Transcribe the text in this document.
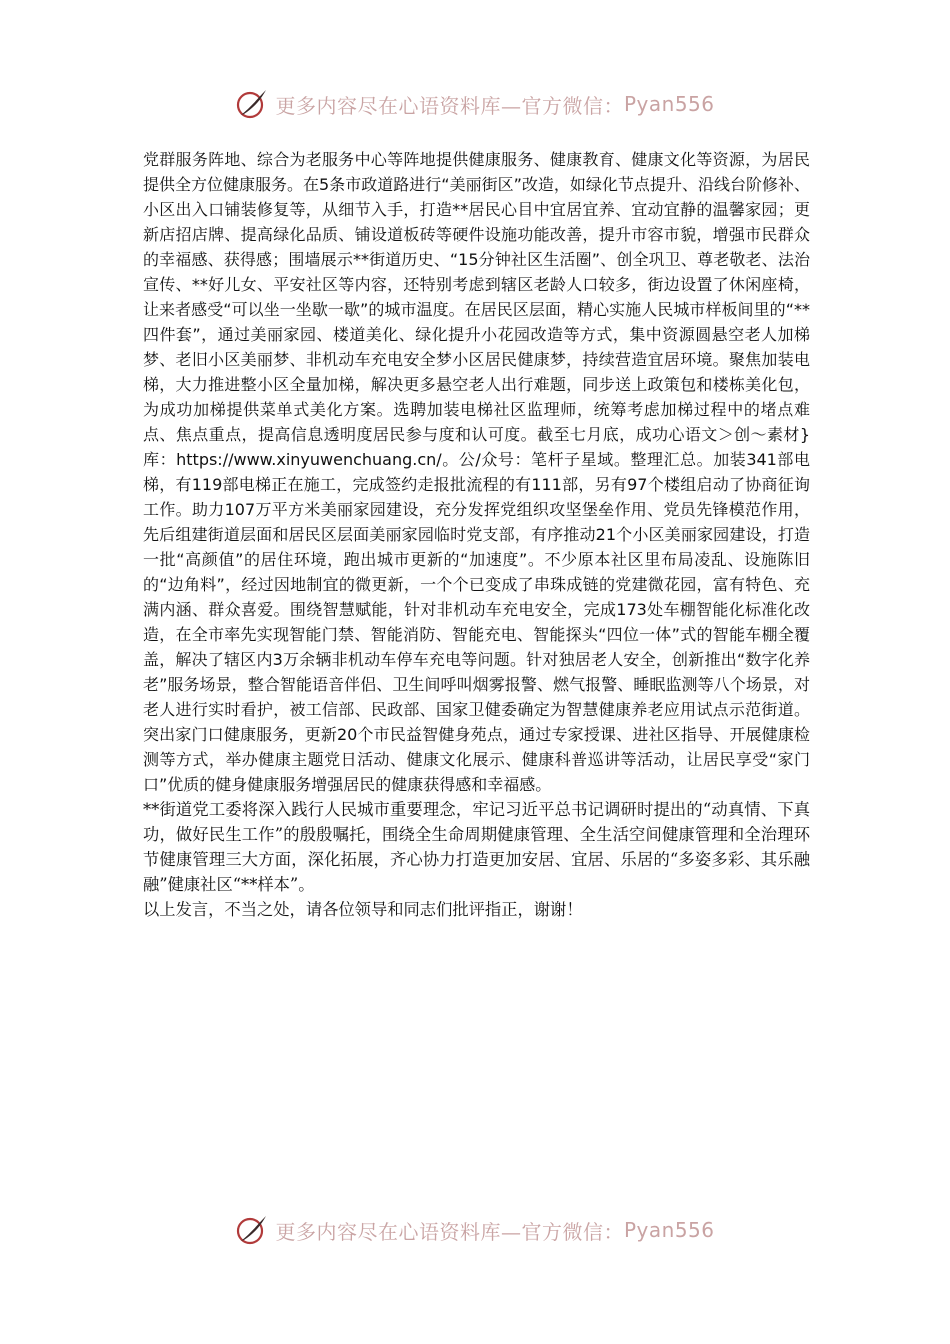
更多内容尽在心语资料库—官方微信： Pyan556

党群服务阵地、综合为老服务中心等阵地提供健康服务、健康教育、健康文化等资源，为居民提供全方位健康服务。在5条市政道路进行“美丽街区”改造，如绿化节点提升、沿线台阶修补、小区出入口铺装修复等，从细节入手，打造**居民心目中宜居宜养、宜动宜静的温馨家园；更新店招店牌、提高绿化品质、铺设道板砖等硬件设施功能改善，提升市容市貌，增强市民群众的幸福感、获得感；围墙展示**街道历史、“15分钟社区生活圈”、创全巩卫、尊老敬老、法治宣传、**好儿女、平安社区等内容，还特别考虑到辖区老龄人口较多，街边设置了休闲座椅，让来者感受“可以坐一坐歇一歇”的城市温度。在居民区层面，精心实施人民城市样板间里的“**四件套”，通过美丽家园、楼道美化、绿化提升小花园改造等方式，集中资源圆悬空老人加梯梦、老旧小区美丽梦、非机动车充电安全梦小区居民健康梦，持续营造宜居环境。聚焦加装电梯，大力推进整小区全量加梯，解决更多悬空老人出行难题，同步送上政策包和楼栋美化包，为成功加梯提供菜单式美化方案。选聘加装电梯社区监理师，统筹考虑加梯过程中的堵点难点、焦点重点，提高信息透明度居民参与度和认可度。截至七月底，成功心语文＞创～素材}库：https://www.xinyuwenchuang.cn/。公/众号：笔杆子星域。整理汇总。加装341部电梯，有119部电梯正在施工，完成签约走报批流程的有111部，另有97个楼组启动了协商征询工作。助力107万平方米美丽家园建设，充分发挥党组织攻坚堡垒作用、党员先锋模范作用，先后组建街道层面和居民区层面美丽家园临时党支部，有序推动21个小区美丽家园建设，打造一批“高颜值”的居住环境，跑出城市更新的“加速度”。不少原本社区里布局凌乱、设施陈旧的“边角料”，经过因地制宜的微更新，一个个已变成了串珠成链的党建微花园，富有特色、充满内涵、群众喜爱。围绕智慧赋能，针对非机动车充电安全，完成173处车棚智能化标准化改造，在全市率先实现智能门禁、智能消防、智能充电、智能探头“四位一体”式的智能车棚全覆盖，解决了辖区内3万余辆非机动车停车充电等问题。针对独居老人安全，创新推出“数字化养老”服务场景，整合智能语音伴侣、卫生间呼叫烟雾报警、燃气报警、睡眠监测等八个场景，对老人进行实时看护，被工信部、民政部、国家卫健委确定为智慧健康养老应用试点示范街道。突出家门口健康服务，更新20个市民益智健身苑点，通过专家授课、进社区指导、开展健康检测等方式，举办健康主题党日活动、健康文化展示、健康科普巡讲等活动，让居民享受“家门口”优质的健身健康服务增强居民的健康获得感和幸福感。

**街道党工委将深入践行人民城市重要理念，牢记习近平总书记调研时提出的“动真情、下真功，做好民生工作”的殷殷嘱托，围绕全生命周期健康管理、全生活空间健康管理和全治理环节健康管理三大方面，深化拓展，齐心协力打造更加安居、宜居、乐居的“多姿多彩、其乐融融”健康社区“**样本”。

以上发言，不当之处，请各位领导和同志们批评指正，谢谢！

更多内容尽在心语资料库—官方微信： Pyan556
